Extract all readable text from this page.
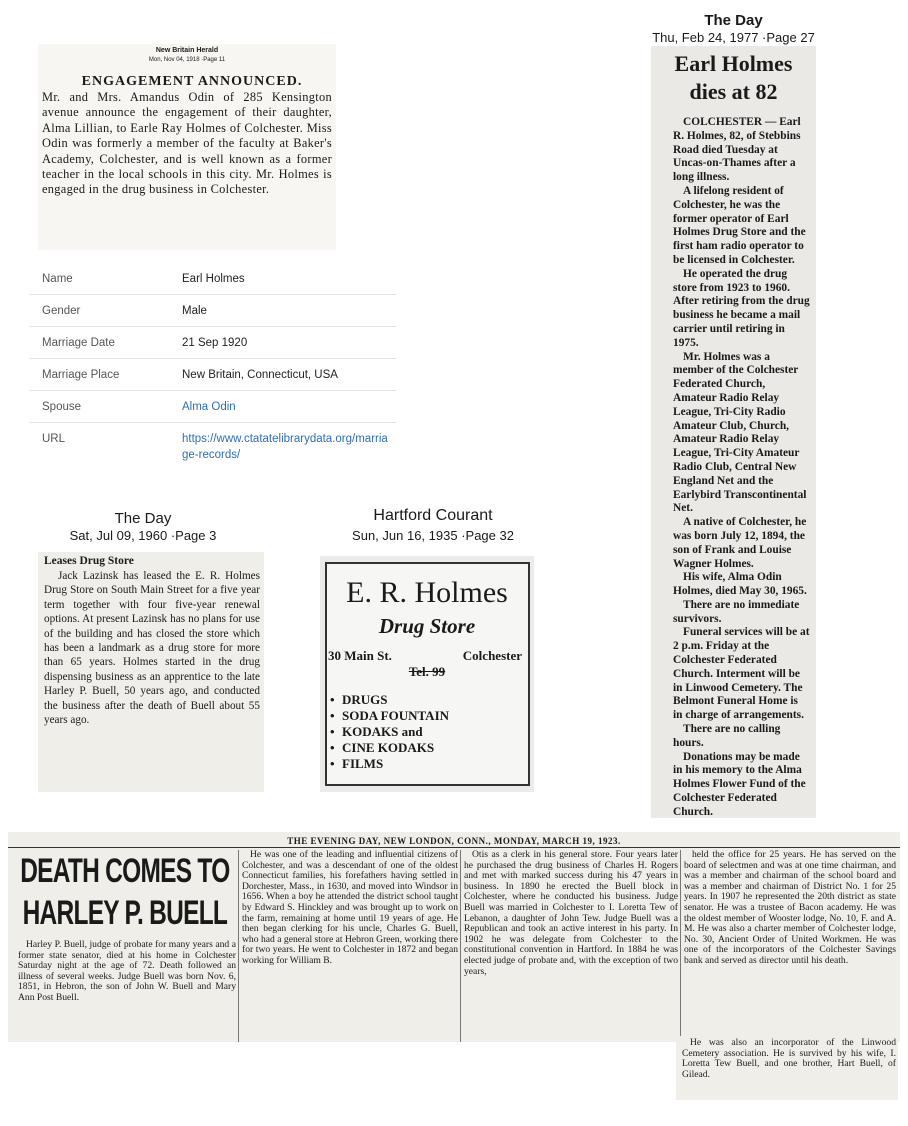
New Britain Herald
Mon, Nov 04, 1918 ·Page 11
ENGAGEMENT ANNOUNCED.
Mr. and Mrs. Amandus Odin of 285 Kensington avenue announce the engagement of their daughter, Alma Lillian, to Earle Ray Holmes of Colchester. Miss Odin was formerly a member of the faculty at Baker's Academy, Colchester, and is well known as a former teacher in the local schools in this city. Mr. Holmes is engaged in the drug business in Colchester.
Name	Earl Holmes
Gender	Male
Marriage Date	21 Sep 1920
Marriage Place	New Britain, Connecticut, USA
Spouse	Alma Odin
URL	https://www.ctatatelibrarydata.org/marriage-records/
The Day
Thu, Feb 24, 1977 ·Page 27
Earl Holmes
dies at 82

COLCHESTER — Earl R. Holmes, 82, of Stebbins Road died Tuesday at Uncas-on-Thames after a long illness.

A lifelong resident of Colchester, he was the former operator of Earl Holmes Drug Store and the first ham radio operator to be licensed in Colchester.

He operated the drug store from 1923 to 1960. After retiring from the drug business he became a mail carrier until retiring in 1975.

Mr. Holmes was a member of the Colchester Federated Church, Amateur Radio Relay League, Tri-City Radio Amateur Club, Church, Amateur Radio Relay League, Tri-City Amateur Radio Club, Central New England Net and the Earlybird Transcontinental Net.

A native of Colchester, he was born July 12, 1894, the son of Frank and Louise Wagner Holmes.

His wife, Alma Odin Holmes, died May 30, 1965.

There are no immediate survivors.

Funeral services will be at 2 p.m. Friday at the Colchester Federated Church. Interment will be in Linwood Cemetery. The Belmont Funeral Home is in charge of arrangements.

There are no calling hours.

Donations may be made in his memory to the Alma Holmes Flower Fund of the Colchester Federated Church.

The Day
Sat, Jul 09, 1960 ·Page 3
Leases Drug Store
Jack Lazinsk has leased the E. R. Holmes Drug Store on South Main Street for a five year term together with four five-year renewal options. At present Lazinsk has no plans for use of the building and has closed the store which has been a landmark as a drug store for more than 65 years. Holmes started in the drug dispensing business as an apprentice to the late Harley P. Buell, 50 years ago, and conducted the business after the death of Buell about 55 years ago.
Hartford Courant
Sun, Jun 16, 1935 ·Page 32
E. R. Holmes
Drug Store
30 Main St.	Colchester
Tel. 99
• DRUGS
• SODA FOUNTAIN
• KODAKS and
• CINE KODAKS
• FILMS
THE EVENING DAY, NEW LONDON, CONN., MONDAY, MARCH 19, 1923.
DEATH COMES TO
HARLEY P. BUELL

Harley P. Buell, judge of probate for many years and a former state senator, died at his home in Colchester Saturday night at the age of 72. Death followed an illness of several weeks. Judge Buell was born Nov. 6, 1851, in Hebron, the son of John W. Buell and Mary Ann Post Buell.

He was one of the leading and influential citizens of Colchester, and was a descendant of one of the oldest Connecticut families, his forefathers having settled in Dorchester, Mass., in 1630, and moved into Windsor in 1656. When a boy he attended the district school taught by Edward S. Hinckley and was brought up to work on the farm, remaining at home until 19 years of age. He then began clerking for his uncle, Charles G. Buell, who had a general store at Hebron Green, working there for two years. He went to Colchester in 1872 and began working for William B.

Otis as a clerk in his general store. Four years later he purchased the drug business of Charles H. Rogers and met with marked success during his 47 years in business. In 1890 he erected the Buell block in Colchester, where he conducted his business. Judge Buell was married in Colchester to I. Loretta Tew of Lebanon, a daughter of John Tew. Judge Buell was a Republican and took an active interest in his party. In 1902 he was delegate from Colchester to the constitutional convention in Hartford. In 1884 he was elected judge of probate and, with the exception of two years,

held the office for 25 years. He has served on the board of selectmen and was at one time chairman, and was a member and chairman of the school board and was a member and chairman of District No. 1 for 25 years. In 1907 he represented the 20th district as state senator. He was a trustee of Bacon academy. He was the oldest member of Wooster lodge, No. 10, F. and A. M. He was also a charter member of Colchester lodge, No. 30, Ancient Order of United Workmen. He was one of the incorporators of the Colchester Savings bank and served as director until his death.

He was also an incorporator of the Linwood Cemetery association. He is survived by his wife, I. Loretta Tew Buell, and one brother, Hart Buell, of Gilead.
